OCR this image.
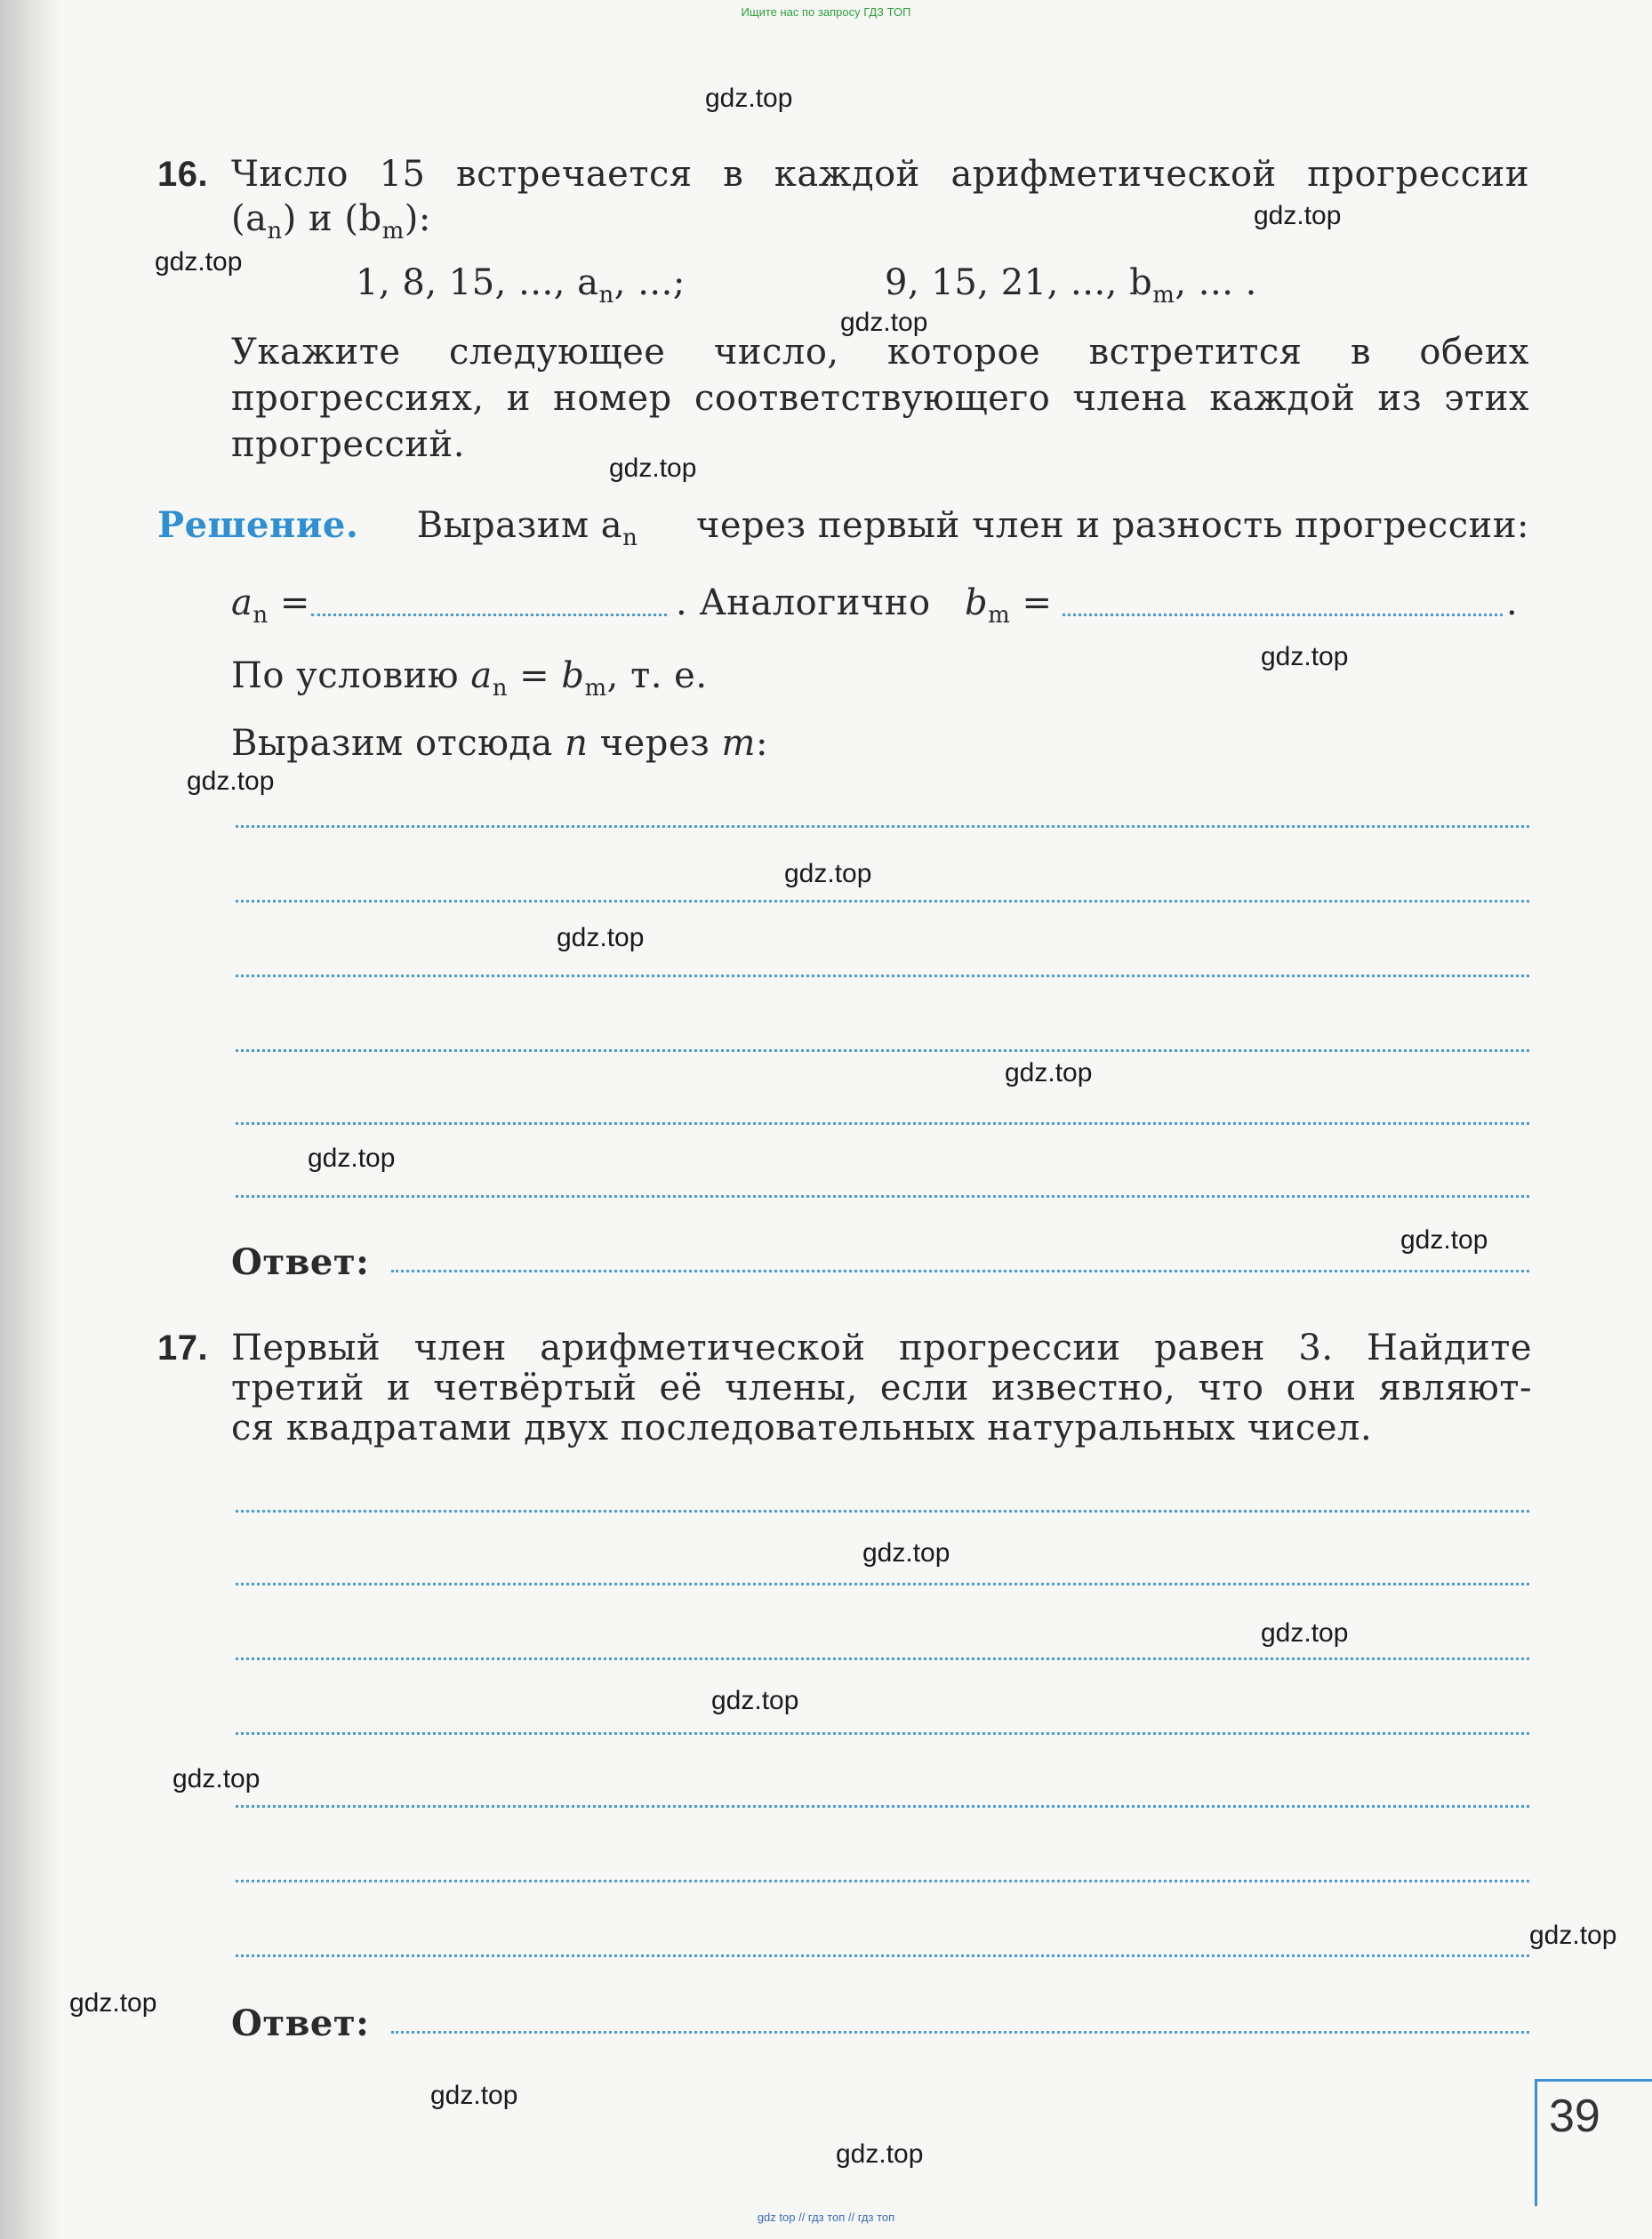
Ищите нас по запросу ГДЗ ТОП
16. Число 15 встречается в каждой арифметической прогрессии
$(a_n)$ и $(b_m)$:
1, 8, 15, ..., $a_n$, ...;	9, 15, 21, ..., $b_m$, ... .
Укажите следующее число, которое встретится в обеих
прогрессиях, и номер соответствующего члена каждой из этих
прогрессий.
Решение. Выразим $a_n$ через первый член и разность прогрессии:
$a_n$ =	. Аналогично $b_m$ =	.
По условию $a_n = b_m$, т. е.
Выразим отсюда n через m:
Ответ:
17. Первый член арифметической прогрессии равен 3. Найдите
третий и четвёртый её члены, если известно, что они являют-
ся квадратами двух последовательных натуральных чисел.
Ответ:
39
gdz.top
gdz.top
gdz.top
gdz.top
gdz.top
gdz.top
gdz.top
gdz.top
gdz.top
gdz.top
gdz.top
gdz.top
gdz.top
gdz.top
gdz.top
gdz.top
gdz.top
gdz.top
gdz.top
gdz.top
gdz top // гдз топ // гдз топ
